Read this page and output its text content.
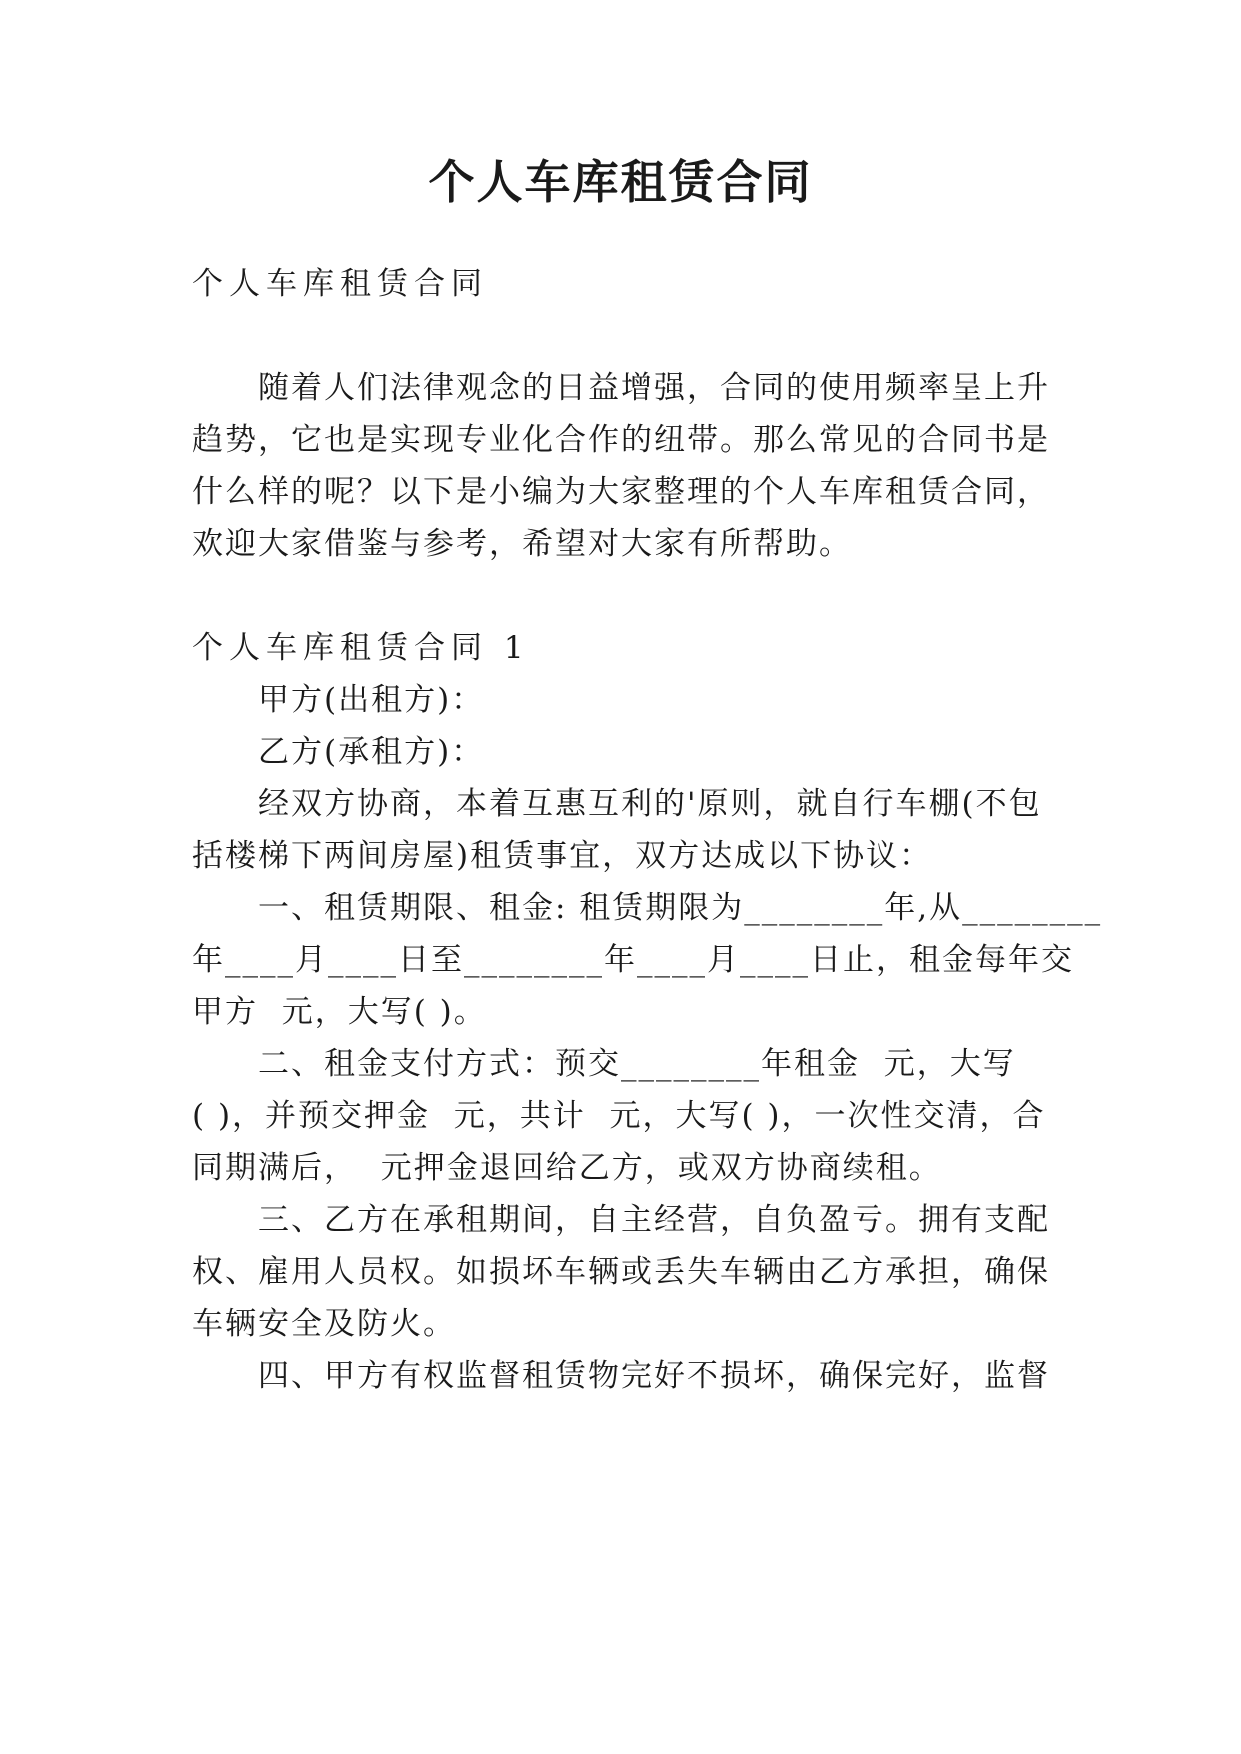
个人车库租赁合同

个人车库租赁合同

　　随着人们法律观念的日益增强，合同的使用频率呈上升

趋势，它也是实现专业化合作的纽带。那么常见的合同书是

什么样的呢？以下是小编为大家整理的个人车库租赁合同，

欢迎大家借鉴与参考，希望对大家有所帮助。

个人车库租赁合同 1

　　甲方(出租方)：

　　乙方(承租方)：

　　经双方协商，本着互惠互利的'原则，就自行车棚(不包

括楼梯下两间房屋)租赁事宜，双方达成以下协议：

　　一、租赁期限、租金: 租赁期限为________年,从________

年____月____日至________年____月____日止，租金每年交

甲方  元，大写( )。

　　二、租金支付方式：预交________年租金  元，大写

( )，并预交押金  元，共计  元，大写( )，一次性交清，合

同期满后，  元押金退回给乙方，或双方协商续租。

　　三、乙方在承租期间，自主经营，自负盈亏。拥有支配

权、雇用人员权。如损坏车辆或丢失车辆由乙方承担，确保

车辆安全及防火。

　　四、甲方有权监督租赁物完好不损坏，确保完好，监督
